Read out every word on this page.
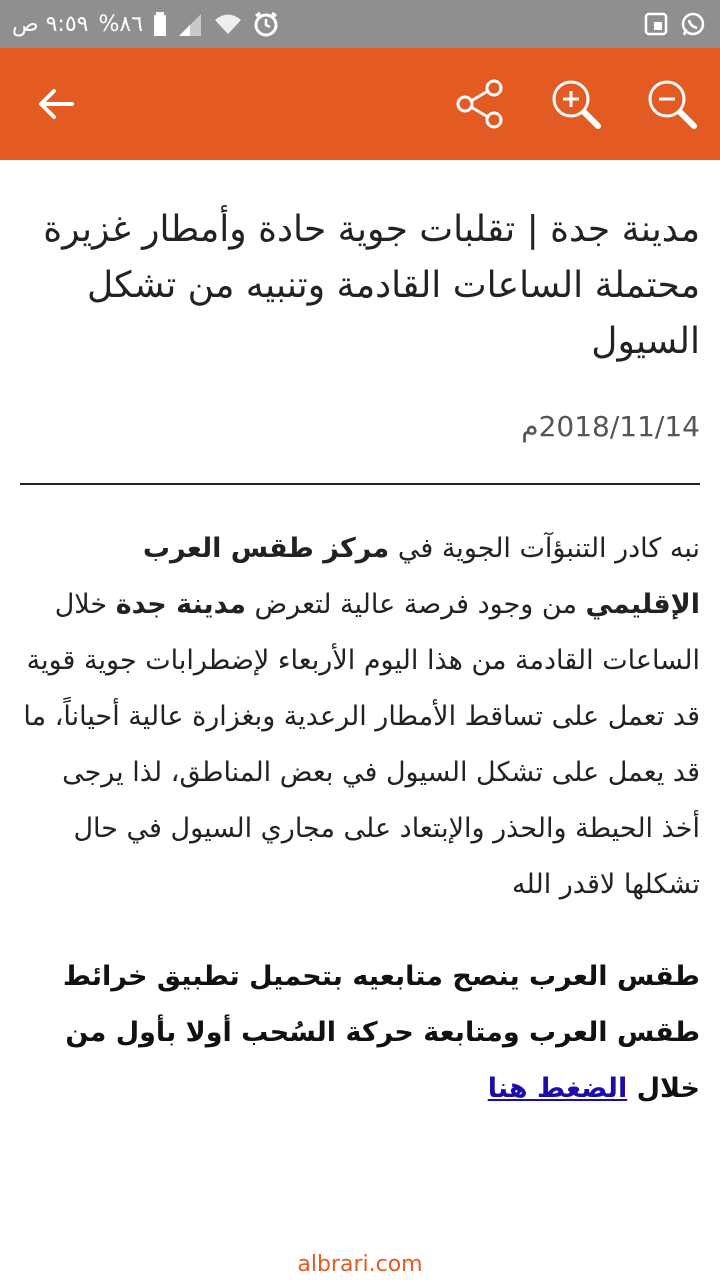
٩:٥٩ ص %٨٦
مدينة جدة | تقلبات جوية حادة وأمطار غزيرة محتملة الساعات القادمة وتنبيه من تشكل السيول
2018/11/14م
نبه كادر التنبؤآت الجوية في مركز طقس العرب الإقليمي من وجود فرصة عالية لتعرض مدينة جدة خلال الساعات القادمة من هذا اليوم الأربعاء لإضطرابات جوية قوية قد تعمل على تساقط الأمطار الرعدية وبغزارة عالية أحياناً، ما قد يعمل على تشكل السيول في بعض المناطق، لذا يرجى أخذ الحيطة والحذر والإبتعاد على مجاري السيول في حال تشكلها لاقدر الله
طقس العرب ينصح متابعيه بتحميل تطبيق خرائط طقس العرب ومتابعة حركة السُحب أولا بأول من خلال الضغط هنا
albrari.com
